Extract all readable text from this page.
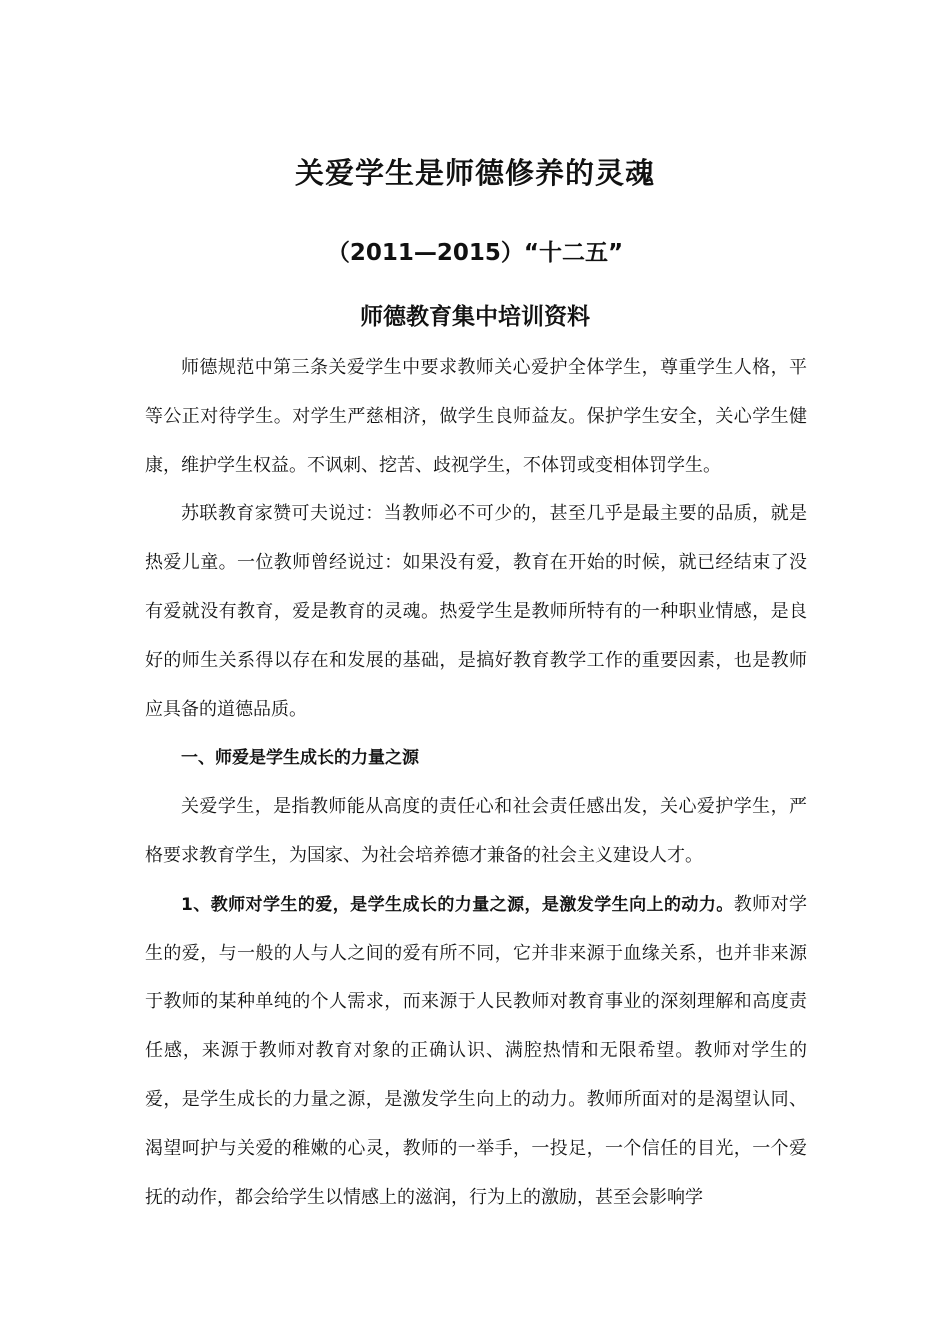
关爱学生是师德修养的灵魂
（2011—2015）“十二五”
师德教育集中培训资料

师德规范中第三条关爱学生中要求教师关心爱护全体学生，尊重学生人格，平等公正对待学生。对学生严慈相济，做学生良师益友。保护学生安全，关心学生健康，维护学生权益。不讽刺、挖苦、歧视学生，不体罚或变相体罚学生。

苏联教育家赞可夫说过：当教师必不可少的，甚至几乎是最主要的品质，就是热爱儿童。一位教师曾经说过：如果没有爱，教育在开始的时候，就已经结束了没有爱就没有教育，爱是教育的灵魂。热爱学生是教师所特有的一种职业情感，是良好的师生关系得以存在和发展的基础，是搞好教育教学工作的重要因素，也是教师应具备的道德品质。

一、师爱是学生成长的力量之源

关爱学生，是指教师能从高度的责任心和社会责任感出发，关心爱护学生，严格要求教育学生，为国家、为社会培养德才兼备的社会主义建设人才。

1、教师对学生的爱，是学生成长的力量之源，是激发学生向上的动力。教师对学生的爱，与一般的人与人之间的爱有所不同，它并非来源于血缘关系，也并非来源于教师的某种单纯的个人需求，而来源于人民教师对教育事业的深刻理解和高度责任感，来源于教师对教育对象的正确认识、满腔热情和无限希望。教师对学生的爱，是学生成长的力量之源，是激发学生向上的动力。教师所面对的是渴望认同、渴望呵护与关爱的稚嫩的心灵，教师的一举手，一投足，一个信任的目光，一个爱抚的动作，都会给学生以情感上的滋润，行为上的激励，甚至会影响学
